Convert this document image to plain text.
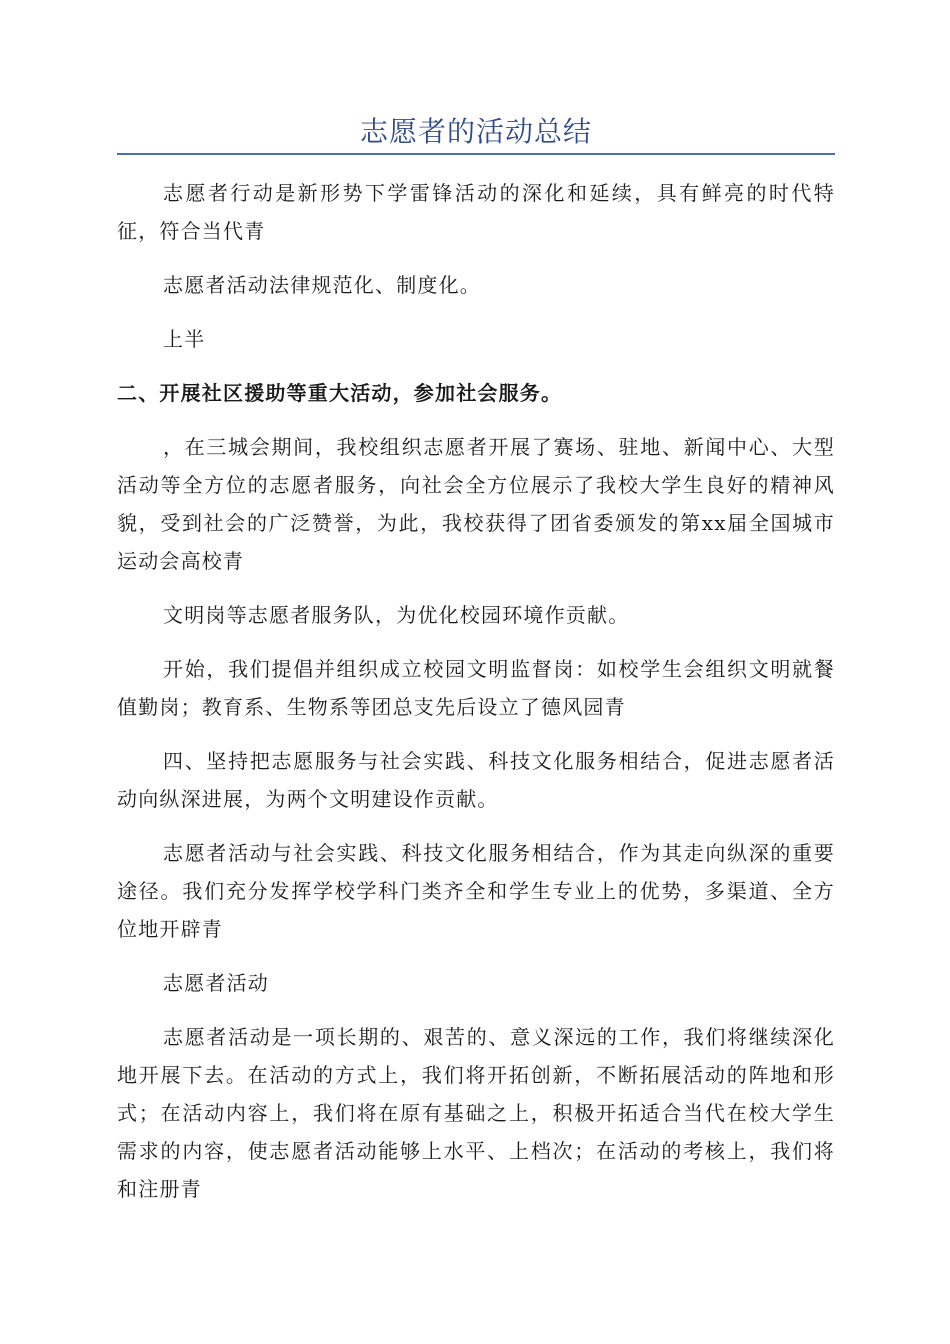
志愿者的活动总结

志愿者行动是新形势下学雷锋活动的深化和延续，具有鲜亮的时代特征，符合当代青

志愿者活动法律规范化、制度化。

上半

二、开展社区援助等重大活动，参加社会服务。

，在三城会期间，我校组织志愿者开展了赛场、驻地、新闻中心、大型活动等全方位的志愿者服务，向社会全方位展示了我校大学生良好的精神风貌，受到社会的广泛赞誉，为此，我校获得了团省委颁发的第xx届全国城市运动会高校青

文明岗等志愿者服务队，为优化校园环境作贡献。

开始，我们提倡并组织成立校园文明监督岗：如校学生会组织文明就餐值勤岗；教育系、生物系等团总支先后设立了德风园青

四、坚持把志愿服务与社会实践、科技文化服务相结合，促进志愿者活动向纵深进展，为两个文明建设作贡献。

志愿者活动与社会实践、科技文化服务相结合，作为其走向纵深的重要途径。我们充分发挥学校学科门类齐全和学生专业上的优势，多渠道、全方位地开辟青

志愿者活动

志愿者活动是一项长期的、艰苦的、意义深远的工作，我们将继续深化地开展下去。在活动的方式上，我们将开拓创新，不断拓展活动的阵地和形式；在活动内容上，我们将在原有基础之上，积极开拓适合当代在校大学生需求的内容，使志愿者活动能够上水平、上档次；在活动的考核上，我们将和注册青
